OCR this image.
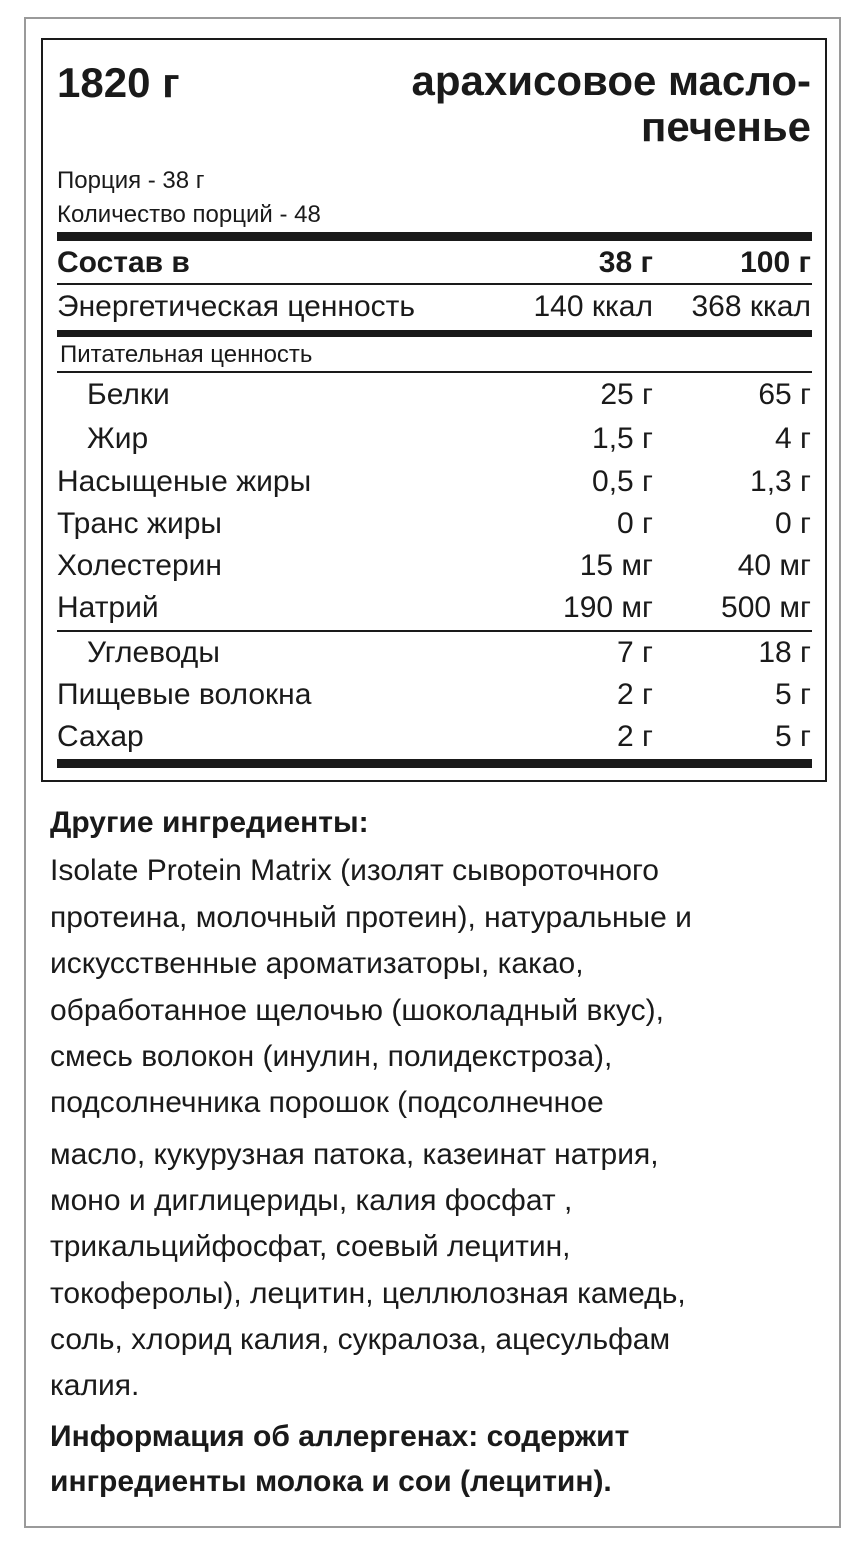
1820 г	арахисовое масло-
печенье
Порция - 38 г
Количество порций - 48
Состав в	38 г	100 г
Энергетическая ценность	140 ккал 368 ккал
Питательная ценность
Белки	25 г	65 г
Жир	1,5 г	4 г
Насыщеные жиры	0,5 г	1,3 г
Транс жиры	0 г	0 г
Холестерин	15 мг	40 мг
Натрий	190 мг 500 мг
Углеводы	7 г	18 г
Пищевые волокна	2 г	5 г
Сахар	2 г	5 г
Другие ингредиенты:
Isolate Protein Matrix (изолят сывороточного
протеина, молочный протеин), натуральные и
искусственные ароматизаторы, какао,
обработанное щелочью (шоколадный вкус),
смесь волокон (инулин, полидекстроза),
подсолнечника порошок (подсолнечное
масло, кукурузная патока, казеинат натрия,
моно и диглицериды, калия фосфат ,
трикальцийфосфат, соевый лецитин,
токоферолы), лецитин, целлюлозная камедь,
соль, хлорид калия, сукралоза, ацесульфам
калия.
Информация об аллергенах: содержит
ингредиенты молока и сои (лецитин).
